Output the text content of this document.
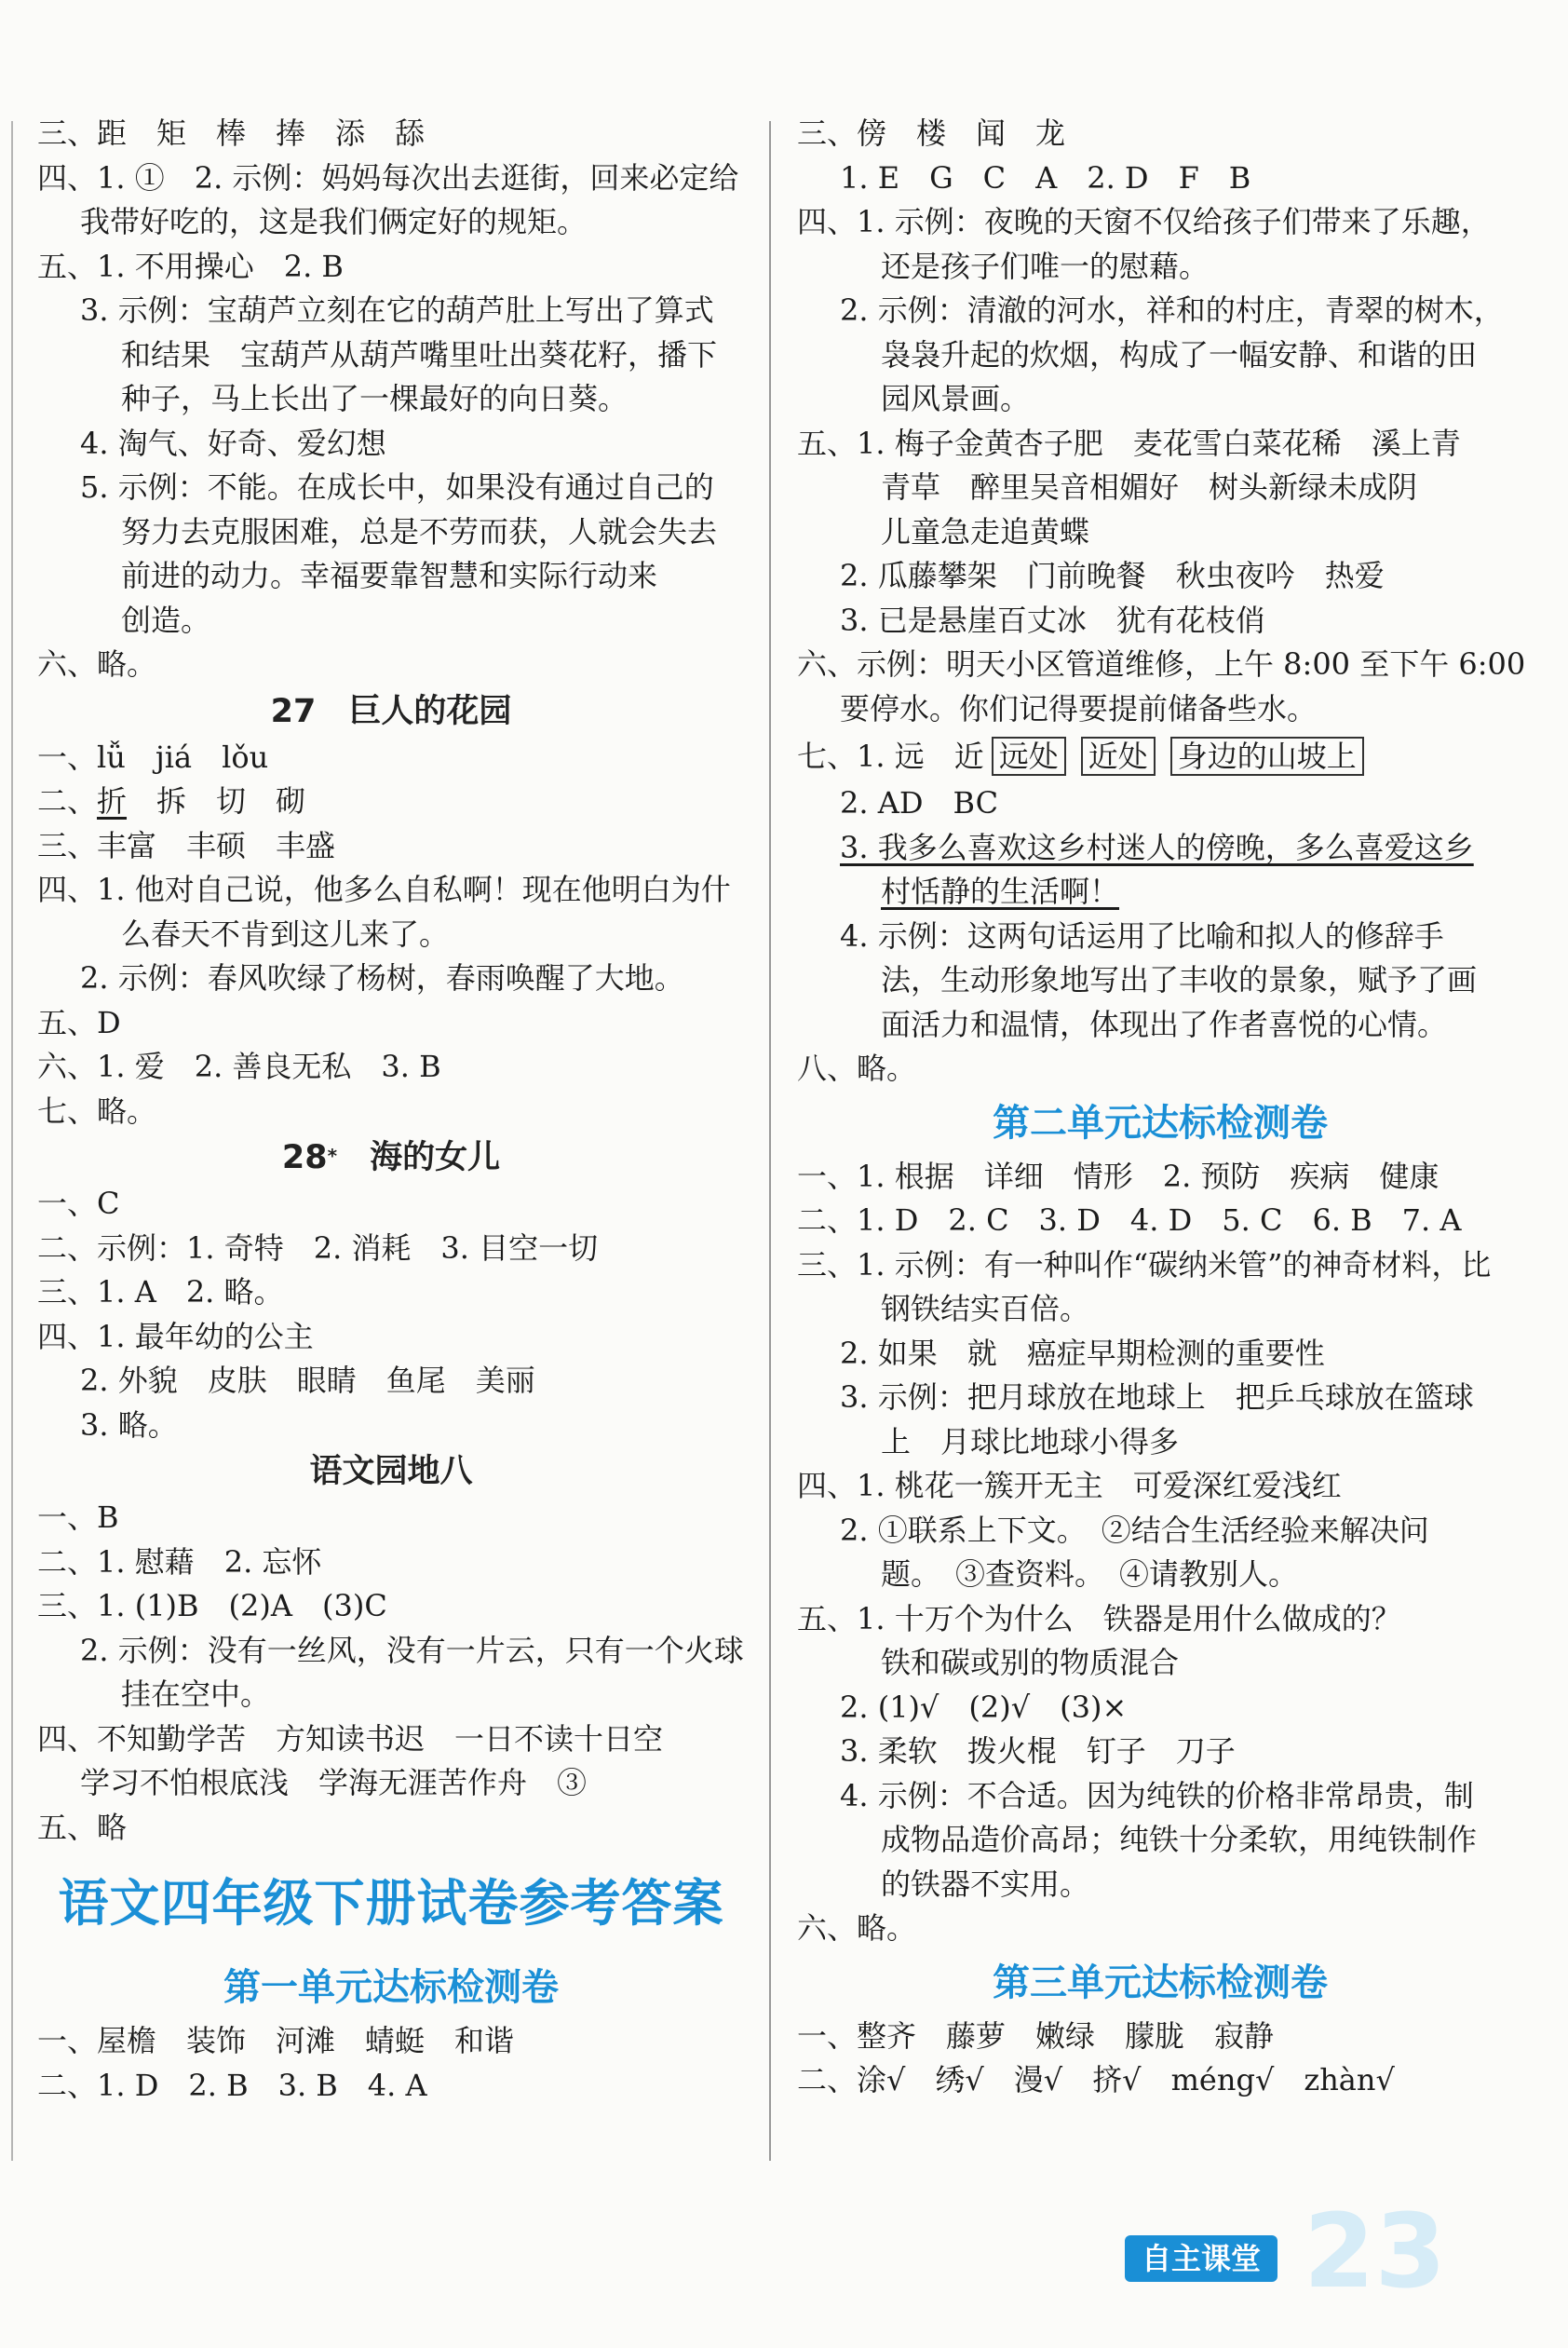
三、距　矩　棒　捧　添　舔
四、1. ①　2. 示例：妈妈每次出去逛街，回来必定给
我带好吃的，这是我们俩定好的规矩。
五、1. 不用操心　2. B
3. 示例：宝葫芦立刻在它的葫芦肚上写出了算式
和结果　宝葫芦从葫芦嘴里吐出葵花籽，播下
种子，马上长出了一棵最好的向日葵。
4. 淘气、好奇、爱幻想
5. 示例：不能。在成长中，如果没有通过自己的
努力去克服困难，总是不劳而获，人就会失去
前进的动力。幸福要靠智慧和实际行动来
创造。
六、略。
27　巨人的花园
一、lǚ　jiá　lǒu
二、折　拆　切　砌
三、丰富　丰硕　丰盛
四、1. 他对自己说，他多么自私啊！现在他明白为什
么春天不肯到这儿来了。
2. 示例：春风吹绿了杨树，春雨唤醒了大地。
五、D
六、1. 爱　2. 善良无私　3. B
七、略。
28*　海的女儿
一、C
二、示例：1. 奇特　2. 消耗　3. 目空一切
三、1. A　2. 略。
四、1. 最年幼的公主
2. 外貌　皮肤　眼睛　鱼尾　美丽
3. 略。
语文园地八
一、B
二、1. 慰藉　2. 忘怀
三、1. (1)B　(2)A　(3)C
2. 示例：没有一丝风，没有一片云，只有一个火球
挂在空中。
四、不知勤学苦　方知读书迟　一日不读十日空
学习不怕根底浅　学海无涯苦作舟　③
五、略
语文四年级下册试卷参考答案
第一单元达标检测卷
一、屋檐　装饰　河滩　蜻蜓　和谐
二、1. D　2. B　3. B　4. A
三、傍　楼　闻　龙
1. E　G　C　A　2. D　F　B
四、1. 示例：夜晚的天窗不仅给孩子们带来了乐趣，
还是孩子们唯一的慰藉。
2. 示例：清澈的河水，祥和的村庄，青翠的树木，
袅袅升起的炊烟，构成了一幅安静、和谐的田
园风景画。
五、1. 梅子金黄杏子肥　麦花雪白菜花稀　溪上青
青草　醉里吴音相媚好　树头新绿未成阴
儿童急走追黄蝶
2. 瓜藤攀架　门前晚餐　秋虫夜吟　热爱
3. 已是悬崖百丈冰　犹有花枝俏
六、示例：明天小区管道维修，上午 8:00 至下午 6:00
要停水。你们记得要提前储备些水。
七、1. 远　近 远处 近处 身边的山坡上
2. AD　BC
3. 我多么喜欢这乡村迷人的傍晚，多么喜爱这乡
村恬静的生活啊！
4. 示例：这两句话运用了比喻和拟人的修辞手
法，生动形象地写出了丰收的景象，赋予了画
面活力和温情，体现出了作者喜悦的心情。
八、略。
第二单元达标检测卷
一、1. 根据　详细　情形　2. 预防　疾病　健康
二、1. D　2. C　3. D　4. D　5. C　6. B　7. A
三、1. 示例：有一种叫作“碳纳米管”的神奇材料，比
钢铁结实百倍。
2. 如果　就　癌症早期检测的重要性
3. 示例：把月球放在地球上　把乒乓球放在篮球
上　月球比地球小得多
四、1. 桃花一簇开无主　可爱深红爱浅红
2. ①联系上下文。　②结合生活经验来解决问
题。　③查资料。　④请教别人。
五、1. 十万个为什么　铁器是用什么做成的？
铁和碳或别的物质混合
2. (1)√　(2)√　(3)×
3. 柔软　拨火棍　钉子　刀子
4. 示例：不合适。因为纯铁的价格非常昂贵，制
成物品造价高昂；纯铁十分柔软，用纯铁制作
的铁器不实用。
六、略。
第三单元达标检测卷
一、整齐　藤萝　嫩绿　朦胧　寂静
二、涂√　绣√　漫√　挤√　méng√　zhàn√
自主课堂 23
